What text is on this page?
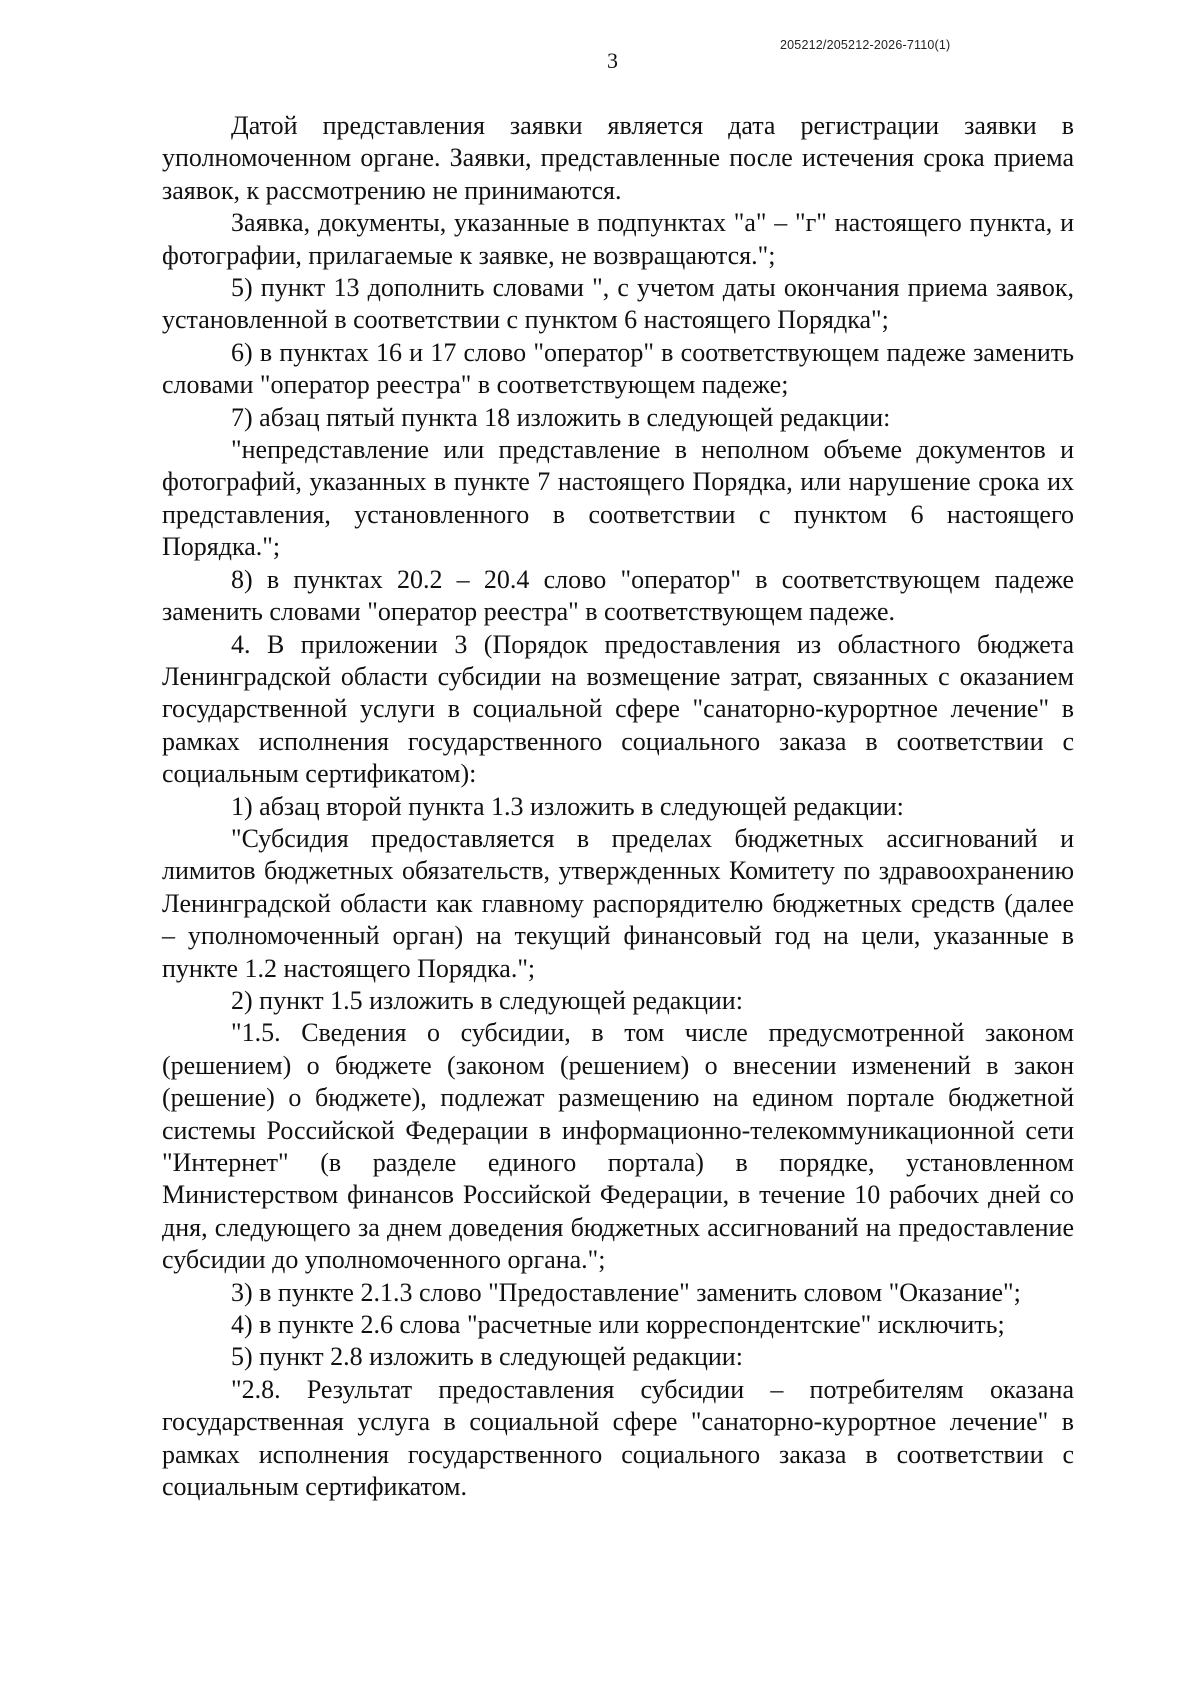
205212/205212-2026-7110(1)
3

Датой представления заявки является дата регистрации заявки в уполномоченном органе. Заявки, представленные после истечения срока приема заявок, к рассмотрению не принимаются.

Заявка, документы, указанные в подпунктах "а" – "г" настоящего пункта, и фотографии, прилагаемые к заявке, не возвращаются.";

5) пункт 13 дополнить словами ", с учетом даты окончания приема заявок, установленной в соответствии с пунктом 6 настоящего Порядка";

6) в пунктах 16 и 17 слово "оператор" в соответствующем падеже заменить словами "оператор реестра" в соответствующем падеже;

7) абзац пятый пункта 18 изложить в следующей редакции:

"непредставление или представление в неполном объеме документов и фотографий, указанных в пункте 7 настоящего Порядка, или нарушение срока их представления, установленного в соответствии с пунктом 6 настоящего Порядка.";

8) в пунктах 20.2 – 20.4 слово "оператор" в соответствующем падеже заменить словами "оператор реестра" в соответствующем падеже.

4. В приложении 3 (Порядок предоставления из областного бюджета Ленинградской области субсидии на возмещение затрат, связанных с оказанием государственной услуги в социальной сфере "санаторно-курортное лечение" в рамках исполнения государственного социального заказа в соответствии с социальным сертификатом):

1) абзац второй пункта 1.3 изложить в следующей редакции:

"Субсидия предоставляется в пределах бюджетных ассигнований и лимитов бюджетных обязательств, утвержденных Комитету по здравоохранению Ленинградской области как главному распорядителю бюджетных средств (далее – уполномоченный орган) на текущий финансовый год на цели, указанные в пункте 1.2 настоящего Порядка.";

2) пункт 1.5 изложить в следующей редакции:

"1.5. Сведения о субсидии, в том числе предусмотренной законом (решением) о бюджете (законом (решением) о внесении изменений в закон (решение) о бюджете), подлежат размещению на едином портале бюджетной системы Российской Федерации в информационно-телекоммуникационной сети "Интернет" (в разделе единого портала) в порядке, установленном Министерством финансов Российской Федерации, в течение 10 рабочих дней со дня, следующего за днем доведения бюджетных ассигнований на предоставление субсидии до уполномоченного органа.";

3) в пункте 2.1.3 слово "Предоставление" заменить словом "Оказание";

4) в пункте 2.6 слова "расчетные или корреспондентские" исключить;

5) пункт 2.8 изложить в следующей редакции:

"2.8. Результат предоставления субсидии – потребителям оказана государственная услуга в социальной сфере "санаторно-курортное лечение" в рамках исполнения государственного социального заказа в соответствии с социальным сертификатом.
